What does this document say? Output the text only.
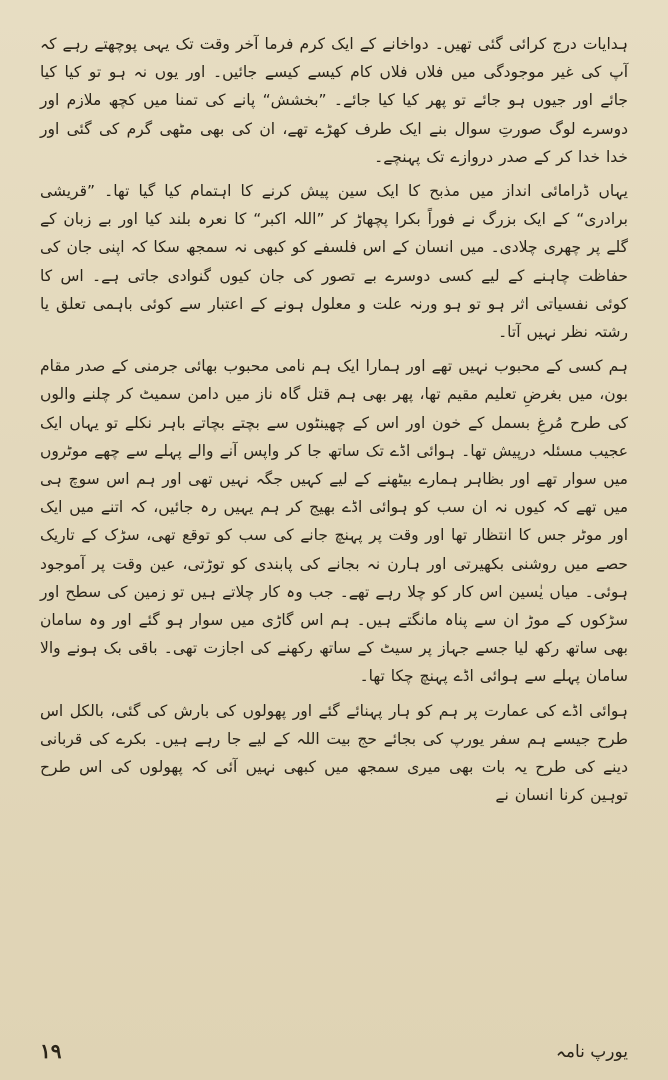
ہدایات درج کرائی گئی تھیں۔ دواخانے کے ایک کرم فرما آخر وقت تک یہی پوچھتے رہے کہ آپ کی غیر موجودگی میں فلاں فلاں کام کیسے کیسے جائیں۔ اور یوں نہ ہو تو کیا کیا جائے اور جیوں ہو جائے تو پھر کیا کیا جائے۔ ”بخشش“ پانے کی تمنا میں کچھ ملازم اور دوسرے لوگ صورتِ سوال بنے ایک طرف کھڑے تھے، ان کی بھی مٹھی گرم کی گئی اور خدا خدا کر کے صدر دروازے تک پہنچے۔

یہاں ڈرامائی انداز میں مذبح کا ایک سین پیش کرنے کا اہتمام کیا گیا تھا۔ ”قریشی برادری“ کے ایک بزرگ نے فوراً بکرا پچھاڑ کر ”اللہ اکبر“ کا نعرہ بلند کیا اور بے زبان کے گلے پر چھری چلادی۔ میں انسان کے اس فلسفے کو کبھی نہ سمجھ سکا کہ اپنی جان کی حفاظت چاہنے کے لیے کسی دوسرے بے تصور کی جان کیوں گنوادی جاتی ہے۔ اس کا کوئی نفسیاتی اثر ہو تو ہو ورنہ علت و معلول ہونے کے اعتبار سے کوئی باہمی تعلق یا رشتہ نظر نہیں آتا۔

ہم کسی کے محبوب نہیں تھے اور ہمارا ایک ہم نامی محبوب بھائی جرمنی کے صدر مقام بون، میں بغرضِ تعلیم مقیم تھا، پھر بھی ہم قتل گاہ ناز میں دامن سمیٹ کر چلنے والوں کی طرح مُرغِ بسمل کے خون اور اس کے چھینٹوں سے بچتے بچاتے باہر نکلے تو یہاں ایک عجیب مسئلہ درپیش تھا۔ ہوائی اڈے تک ساتھ جا کر واپس آنے والے پہلے سے چھے موٹروں میں سوار تھے اور بظاہر ہمارے بیٹھنے کے لیے کہیں جگہ نہیں تھی اور ہم اس سوچ ہی میں تھے کہ کیوں نہ ان سب کو ہوائی اڈے بھیج کر ہم یہیں رہ جائیں، کہ اتنے میں ایک اور موٹر جس کا انتظار تھا اور وقت پر پہنچ جانے کی سب کو توقع تھی، سڑک کے تاریک حصے میں روشنی بکھیرتی اور ہارن نہ بجانے کی پابندی کو توڑتی، عین وقت پر آموجود ہوئی۔ میاں یٰسین اس کار کو چلا رہے تھے۔ جب وہ کار چلاتے ہیں تو زمین کی سطح اور سڑکوں کے موڑ ان سے پناہ مانگتے ہیں۔ ہم اس گاڑی میں سوار ہو گئے اور وہ سامان بھی ساتھ رکھ لیا جسے جہاز پر سیٹ کے ساتھ رکھنے کی اجازت تھی۔ باقی بک ہونے والا سامان پہلے سے ہوائی اڈے پہنچ چکا تھا۔

ہوائی اڈے کی عمارت پر ہم کو ہار پہنائے گئے اور پھولوں کی بارش کی گئی، بالکل اس طرح جیسے ہم سفر یورپ کی بجائے حج بیت اللہ کے لیے جا رہے ہیں۔ بکرے کی قربانی دینے کی طرح یہ بات بھی میری سمجھ میں کبھی نہیں آئی کہ پھولوں کی اس طرح توہین کرنا انسان نے

۱۹	یورپ نامہ
